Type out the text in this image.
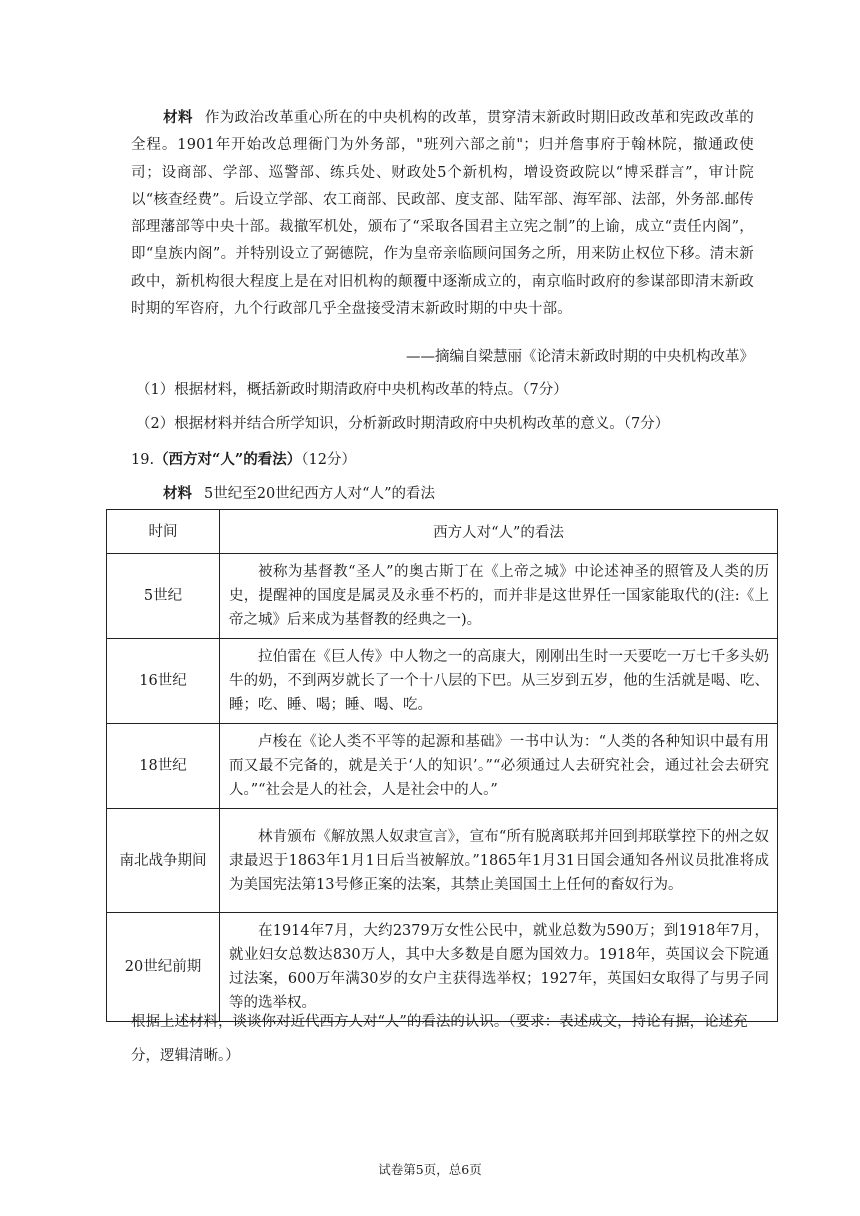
材料 作为政治改革重心所在的中央机构的改革，贯穿清末新政时期旧政改革和宪政改革的全程。1901年开始改总理衙门为外务部，"班列六部之前"；归并詹事府于翰林院，撤通政使司；设商部、学部、巡警部、练兵处、财政处5个新机构，增设资政院以“博采群言”，审计院以“核查经费”。后设立学部、农工商部、民政部、度支部、陆军部、海军部、法部，外务部.邮传部理藩部等中央十部。裁撤军机处，颁布了“采取各国君主立宪之制”的上谕，成立“责任内阁”，即“皇族内阁”。并特别设立了弼德院，作为皇帝亲临顾问国务之所，用来防止权位下移。清末新政中，新机构很大程度上是在对旧机构的颠覆中逐渐成立的，南京临时政府的参谋部即清末新政时期的军咨府，九个行政部几乎全盘接受清末新政时期的中央十部。
——摘编自梁慧丽《论清末新政时期的中央机构改革》
（1）根据材料，概括新政时期清政府中央机构改革的特点。（7分）
（2）根据材料并结合所学知识，分析新政时期清政府中央机构改革的意义。（7分）
19.（西方对“人”的看法）（12分）
材料 5世纪至20世纪西方人对“人”的看法
时间	西方人对“人”的看法
5世纪	被称为基督教“圣人”的奥古斯丁在《上帝之城》中论述神圣的照管及人类的历史，提醒神的国度是属灵及永垂不朽的，而并非是这世界任一国家能取代的(注:《上帝之城》后来成为基督教的经典之一)。

16世纪	拉伯雷在《巨人传》中人物之一的高康大，刚刚出生时一天要吃一万七千多头奶牛的奶，不到两岁就长了一个十八层的下巴。从三岁到五岁，他的生活就是喝、吃、睡；吃、睡、喝；睡、喝、吃。

18世纪	卢梭在《论人类不平等的起源和基础》一书中认为：“人类的各种知识中最有用而又最不完备的，就是关于‘人的知识’。”“必须通过人去研究社会，通过社会去研究人。”“社会是人的社会，人是社会中的人。”

南北战争期间	林肯颁布《解放黑人奴隶宣言》，宣布“所有脱离联邦并回到邦联掌控下的州之奴隶最迟于1863年1月1日后当被解放。”1865年1月31日国会通知各州议员批准将成为美国宪法第13号修正案的法案，其禁止美国国土上任何的畜奴行为。

20世纪前期	在1914年7月，大约2379万女性公民中，就业总数为590万；到1918年7月，就业妇女总数达830万人，其中大多数是自愿为国效力。1918年，英国议会下院通过法案，600万年满30岁的女户主获得选举权；1927年，英国妇女取得了与男子同等的选举权。
根据上述材料，谈谈你对近代西方人对“人”的看法的认识。（要求：表述成文，持论有据，论述充分，逻辑清晰。）
试卷第5页，总6页
